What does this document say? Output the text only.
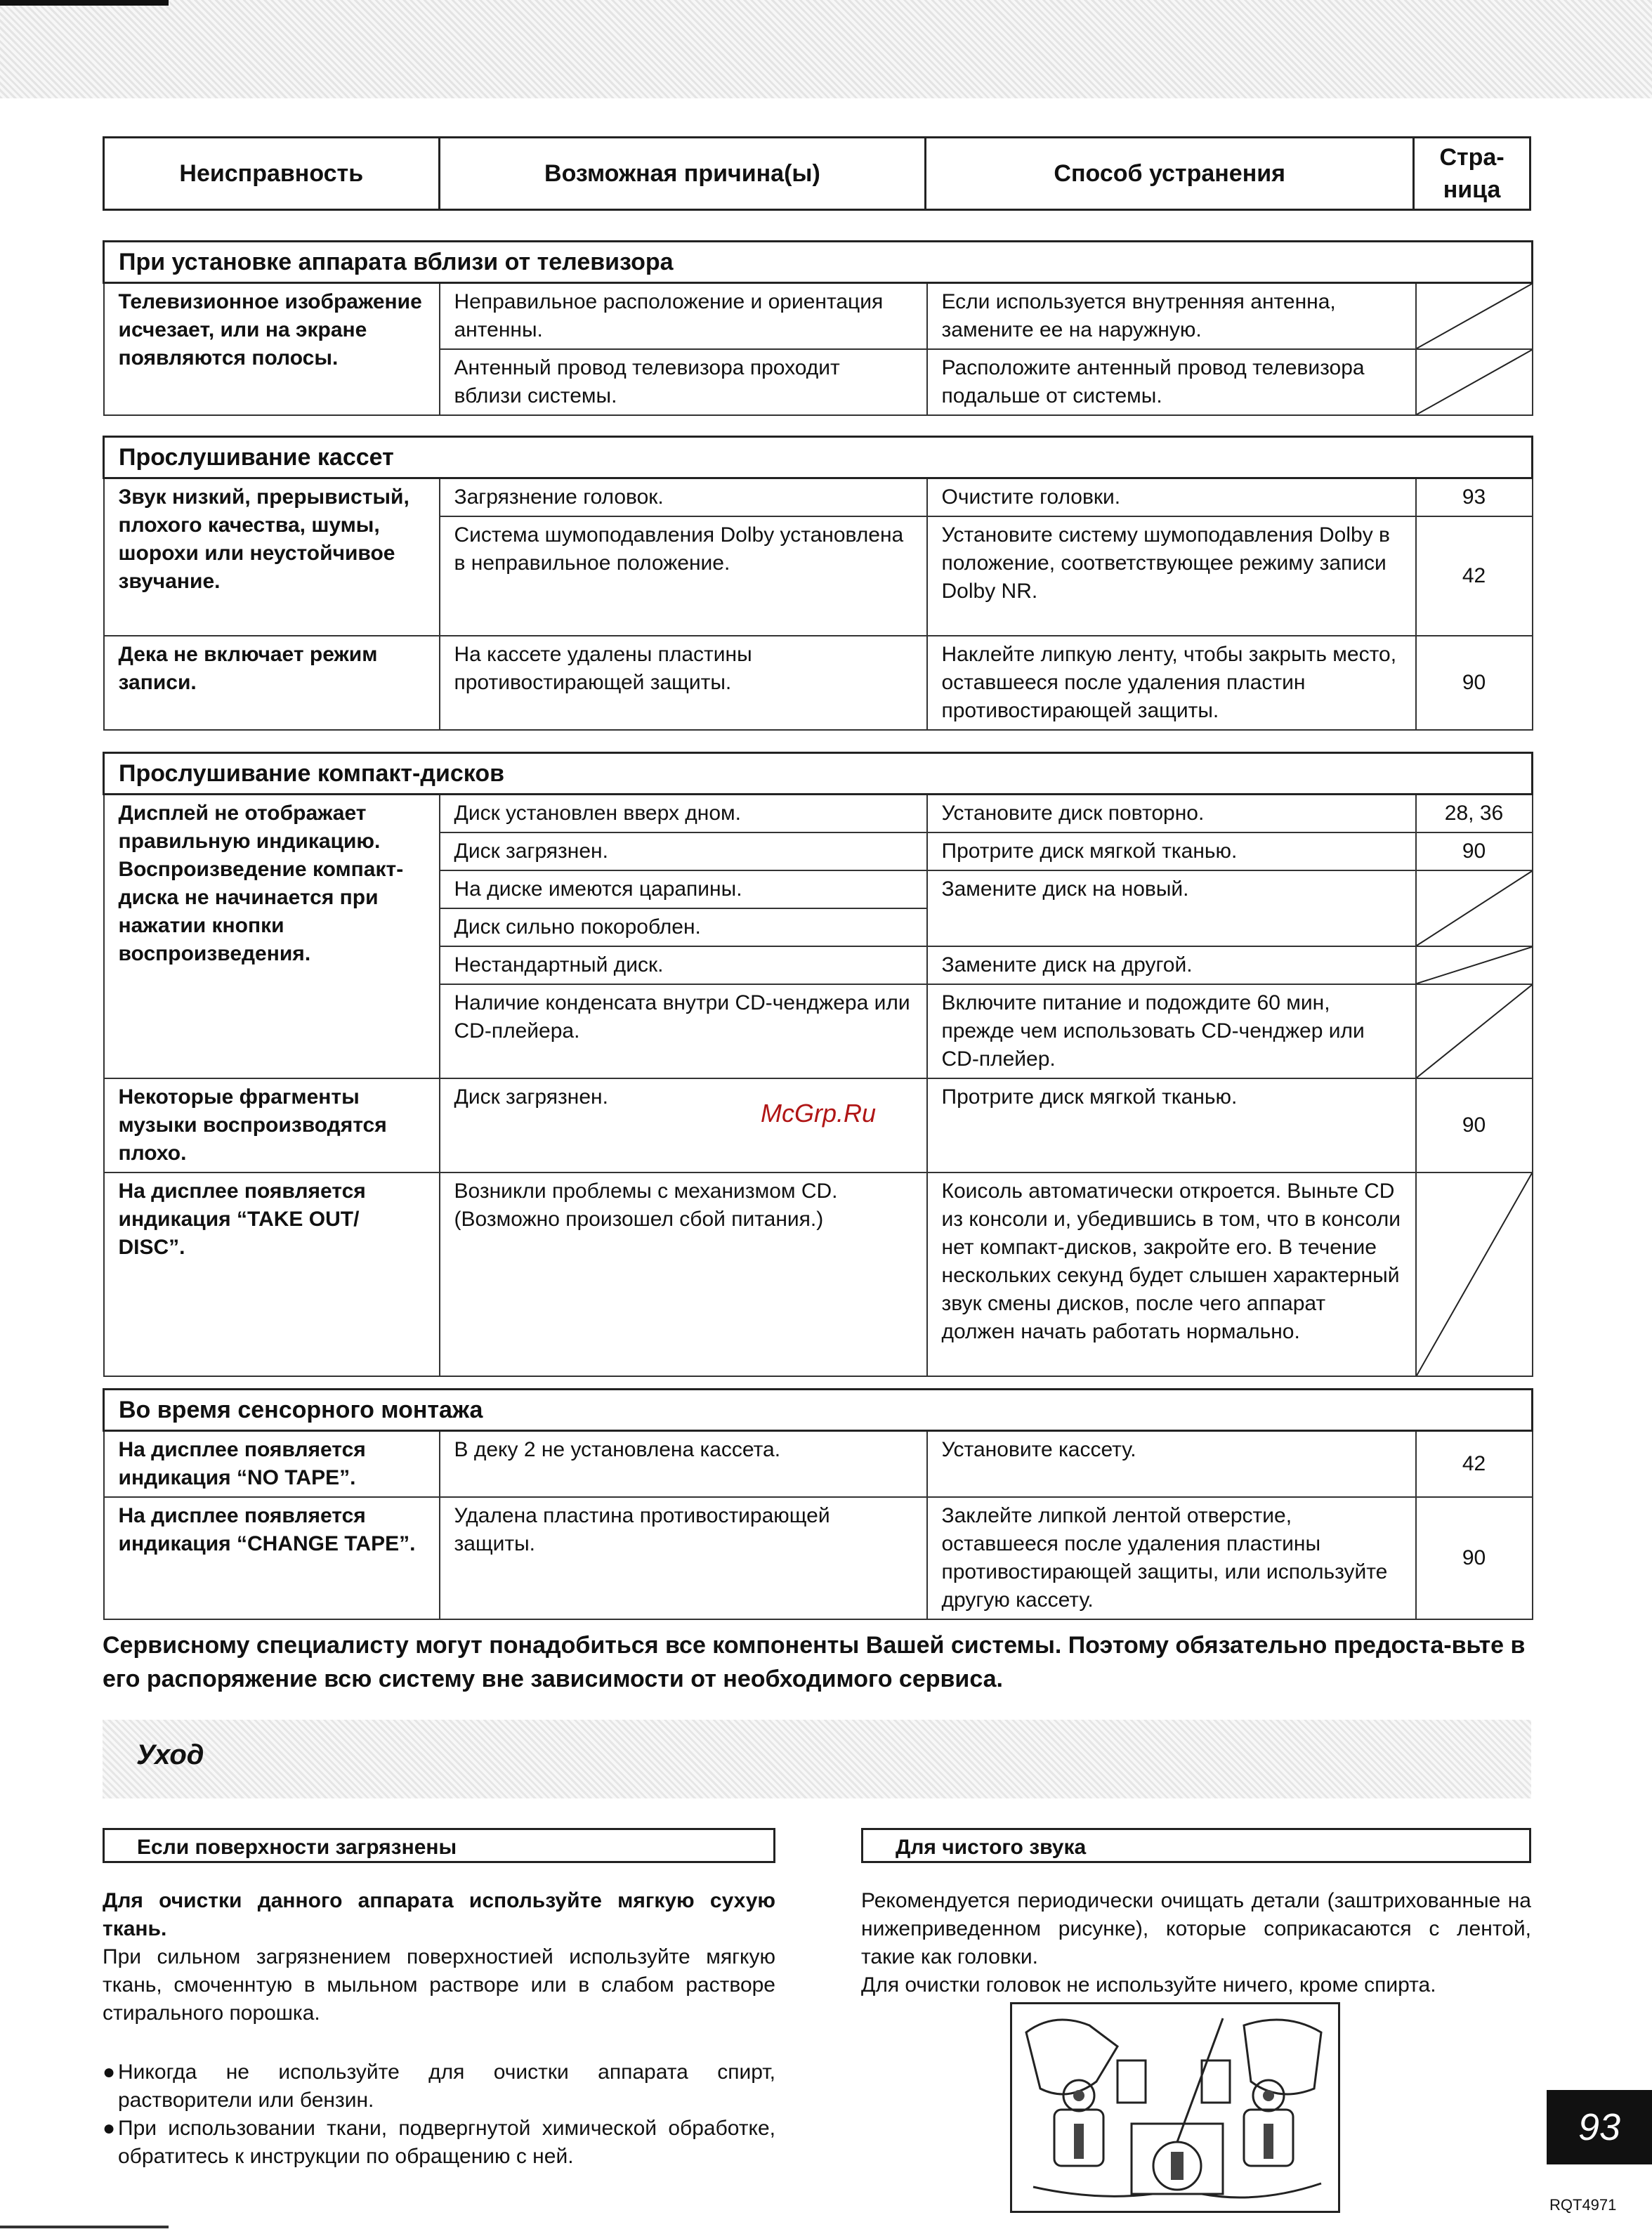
Неисправность	Возможная причина(ы)	Способ устранения	Стра-
ница
При установке аппарата вблизи от телевизора			
Телевизионное изображение исчезает, или на экране появляются полосы.	Неправильное расположение и ориентация антенны.	Если используется внутренняя антенна, замените ее на наружную.	

	Антенный провод телевизора проходит вблизи системы.	Расположите антенный провод телевизора подальше от системы.	
Прослушивание кассет			
Звук низкий, прерывистый, плохого качества, шумы, шорохи или неустойчивое звучание.	Загрязнение головок.	Очистите головки.	93
	Система шумоподавления Dolby установлена в неправильное положение.	Установите систему шумоподавления Dolby в положение, соответствующее режиму записи Dolby NR.	42
Дека не включает режим записи.	На кассете удалены пластины противостирающей защиты.	Наклейте липкую ленту, чтобы закрыть место, оставшееся после удаления пластин противостирающей защиты.	90
Прослушивание компакт-дисков			
Дисплей не отображает правильную индикацию. Воспроизведение компакт-диска не начинается при нажатии кнопки воспроизведения.	Диск установлен вверх дном.	Установите диск повторно.	28, 36
	Диск загрязнен.	Протрите диск мягкой тканью.	90
	На диске имеются царапины.	Замените диск на новый.	

	Диск сильно покороблен.		
	Нестандартный диск.	Замените диск на другой.	

	Наличие конденсата внутри CD-ченджера или CD-плейера.	Включите питание и подождите 60 мин, прежде чем использовать CD-ченджер или CD-плейер.	

Некоторые фрагменты музыки воспроизводятся плохо.	Диск загрязнен.	Протрите диск мягкой тканью.	90
На дисплее появляется индикация “TAKE OUT/ DISC”.	Возникли проблемы с механизмом CD. (Возможно произошел сбой питания.)	Коисоль автоматически откроется. Выньте CD из консоли и, убедившись в том, что в консоли нет компакт-дисков, закройте его. В течение нескольких секунд будет слышен характерный звук смены дисков, после чего аппарат должен начать работать нормально.	
Во время сенсорного монтажа			
На дисплее появляется индикация “NO TAPE”.	В деку 2 не установлена кассета.	Установите кассету.	42
На дисплее появляется индикация “CHANGE TAPE”.	Удалена пластина противостирающей защиты.	Заклейте липкой лентой отверстие, оставшееся после удаления пластины противостирающей защиты, или используйте другую кассету.	90
McGrp.Ru
Сервисному специалисту могут понадобиться все компоненты Вашей системы. Поэтому обязательно предоста-вьте в его распоряжение всю систему вне зависимости от необходимого сервиса.
Уход
Если поверхности загрязнены	Для чистого звука

Для очистки данного аппарата используйте мягкую сухую ткань.

При сильном загрязнением поверхностией используйте мягкую ткань, смоченнтую в мыльном растворе или в слабом растворе стирального порошка.

● Никогда не используйте для очистки аппарата спирт, растворители или бензин.
● При использовании ткани, подвергнутой химической обработке, обратитесь к инструкции по обращению с ней.

Рекомендуется периодически очищать детали (заштрихованные на нижеприведенном рисунке), которые соприкасаются с лентой, такие как головки.

Для очистки головок не используйте ничего, кроме спирта.

93
RQT4971
